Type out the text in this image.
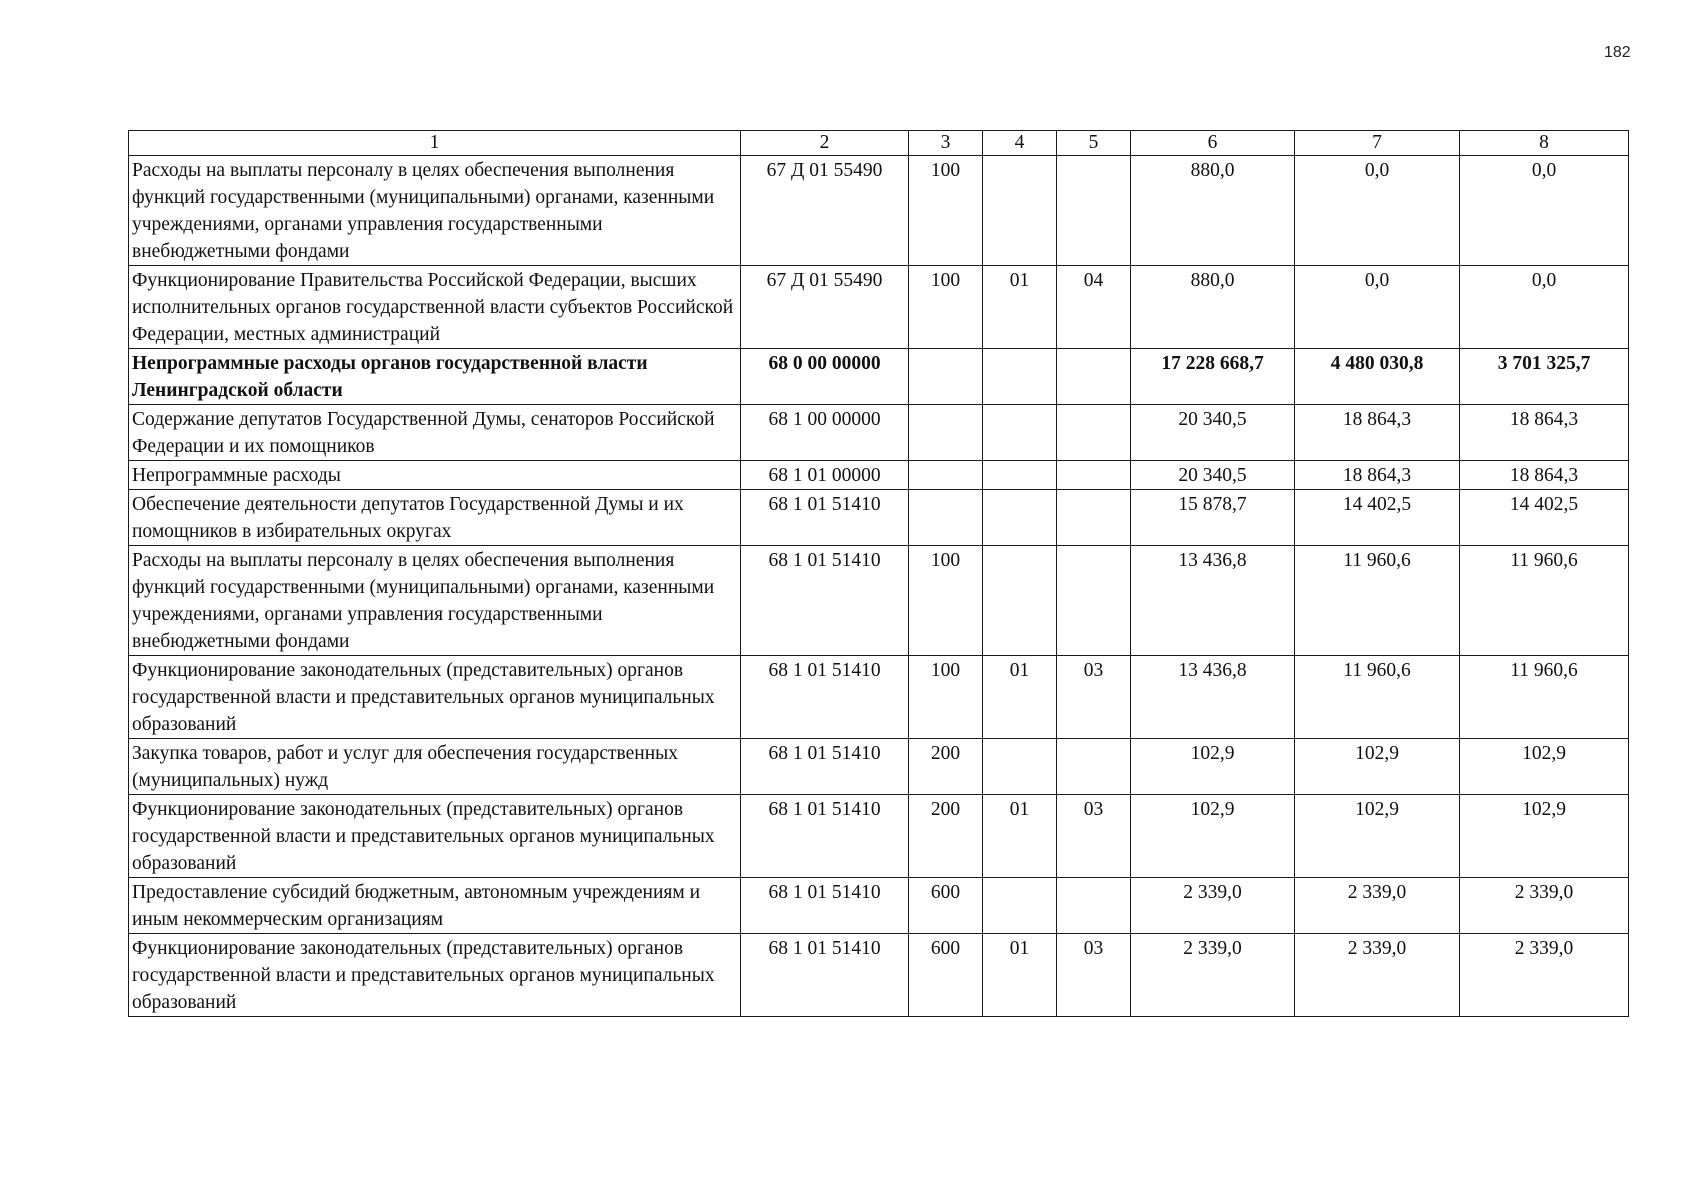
182
1	2	3	4	5	6	7	8
Расходы на выплаты персоналу в целях обеспечения выполнения функций государственными (муниципальными) органами, казенными учреждениями, органами управления государственными внебюджетными фондами	67 Д 01 55490	100			880,0	0,0	0,0
Функционирование Правительства Российской Федерации, высших исполнительных органов государственной власти субъектов Российской Федерации, местных администраций	67 Д 01 55490	100	01	04	880,0	0,0	0,0
Непрограммные расходы органов государственной власти Ленинградской области	68 0 00 00000				17 228 668,7	4 480 030,8	3 701 325,7
Содержание депутатов Государственной Думы, сенаторов Российской Федерации и их помощников	68 1 00 00000				20 340,5	18 864,3	18 864,3
Непрограммные расходы	68 1 01 00000				20 340,5	18 864,3	18 864,3
Обеспечение деятельности депутатов Государственной Думы и их помощников в избирательных округах	68 1 01 51410				15 878,7	14 402,5	14 402,5
Расходы на выплаты персоналу в целях обеспечения выполнения функций государственными (муниципальными) органами, казенными учреждениями, органами управления государственными внебюджетными фондами	68 1 01 51410	100			13 436,8	11 960,6	11 960,6
Функционирование законодательных (представительных) органов государственной власти и представительных органов муниципальных образований	68 1 01 51410	100	01	03	13 436,8	11 960,6	11 960,6
Закупка товаров, работ и услуг для обеспечения государственных (муниципальных) нужд	68 1 01 51410	200			102,9	102,9	102,9
Функционирование законодательных (представительных) органов государственной власти и представительных органов муниципальных образований	68 1 01 51410	200	01	03	102,9	102,9	102,9
Предоставление субсидий бюджетным, автономным учреждениям и иным некоммерческим организациям	68 1 01 51410	600			2 339,0	2 339,0	2 339,0
Функционирование законодательных (представительных) органов государственной власти и представительных органов муниципальных образований	68 1 01 51410	600	01	03	2 339,0	2 339,0	2 339,0
